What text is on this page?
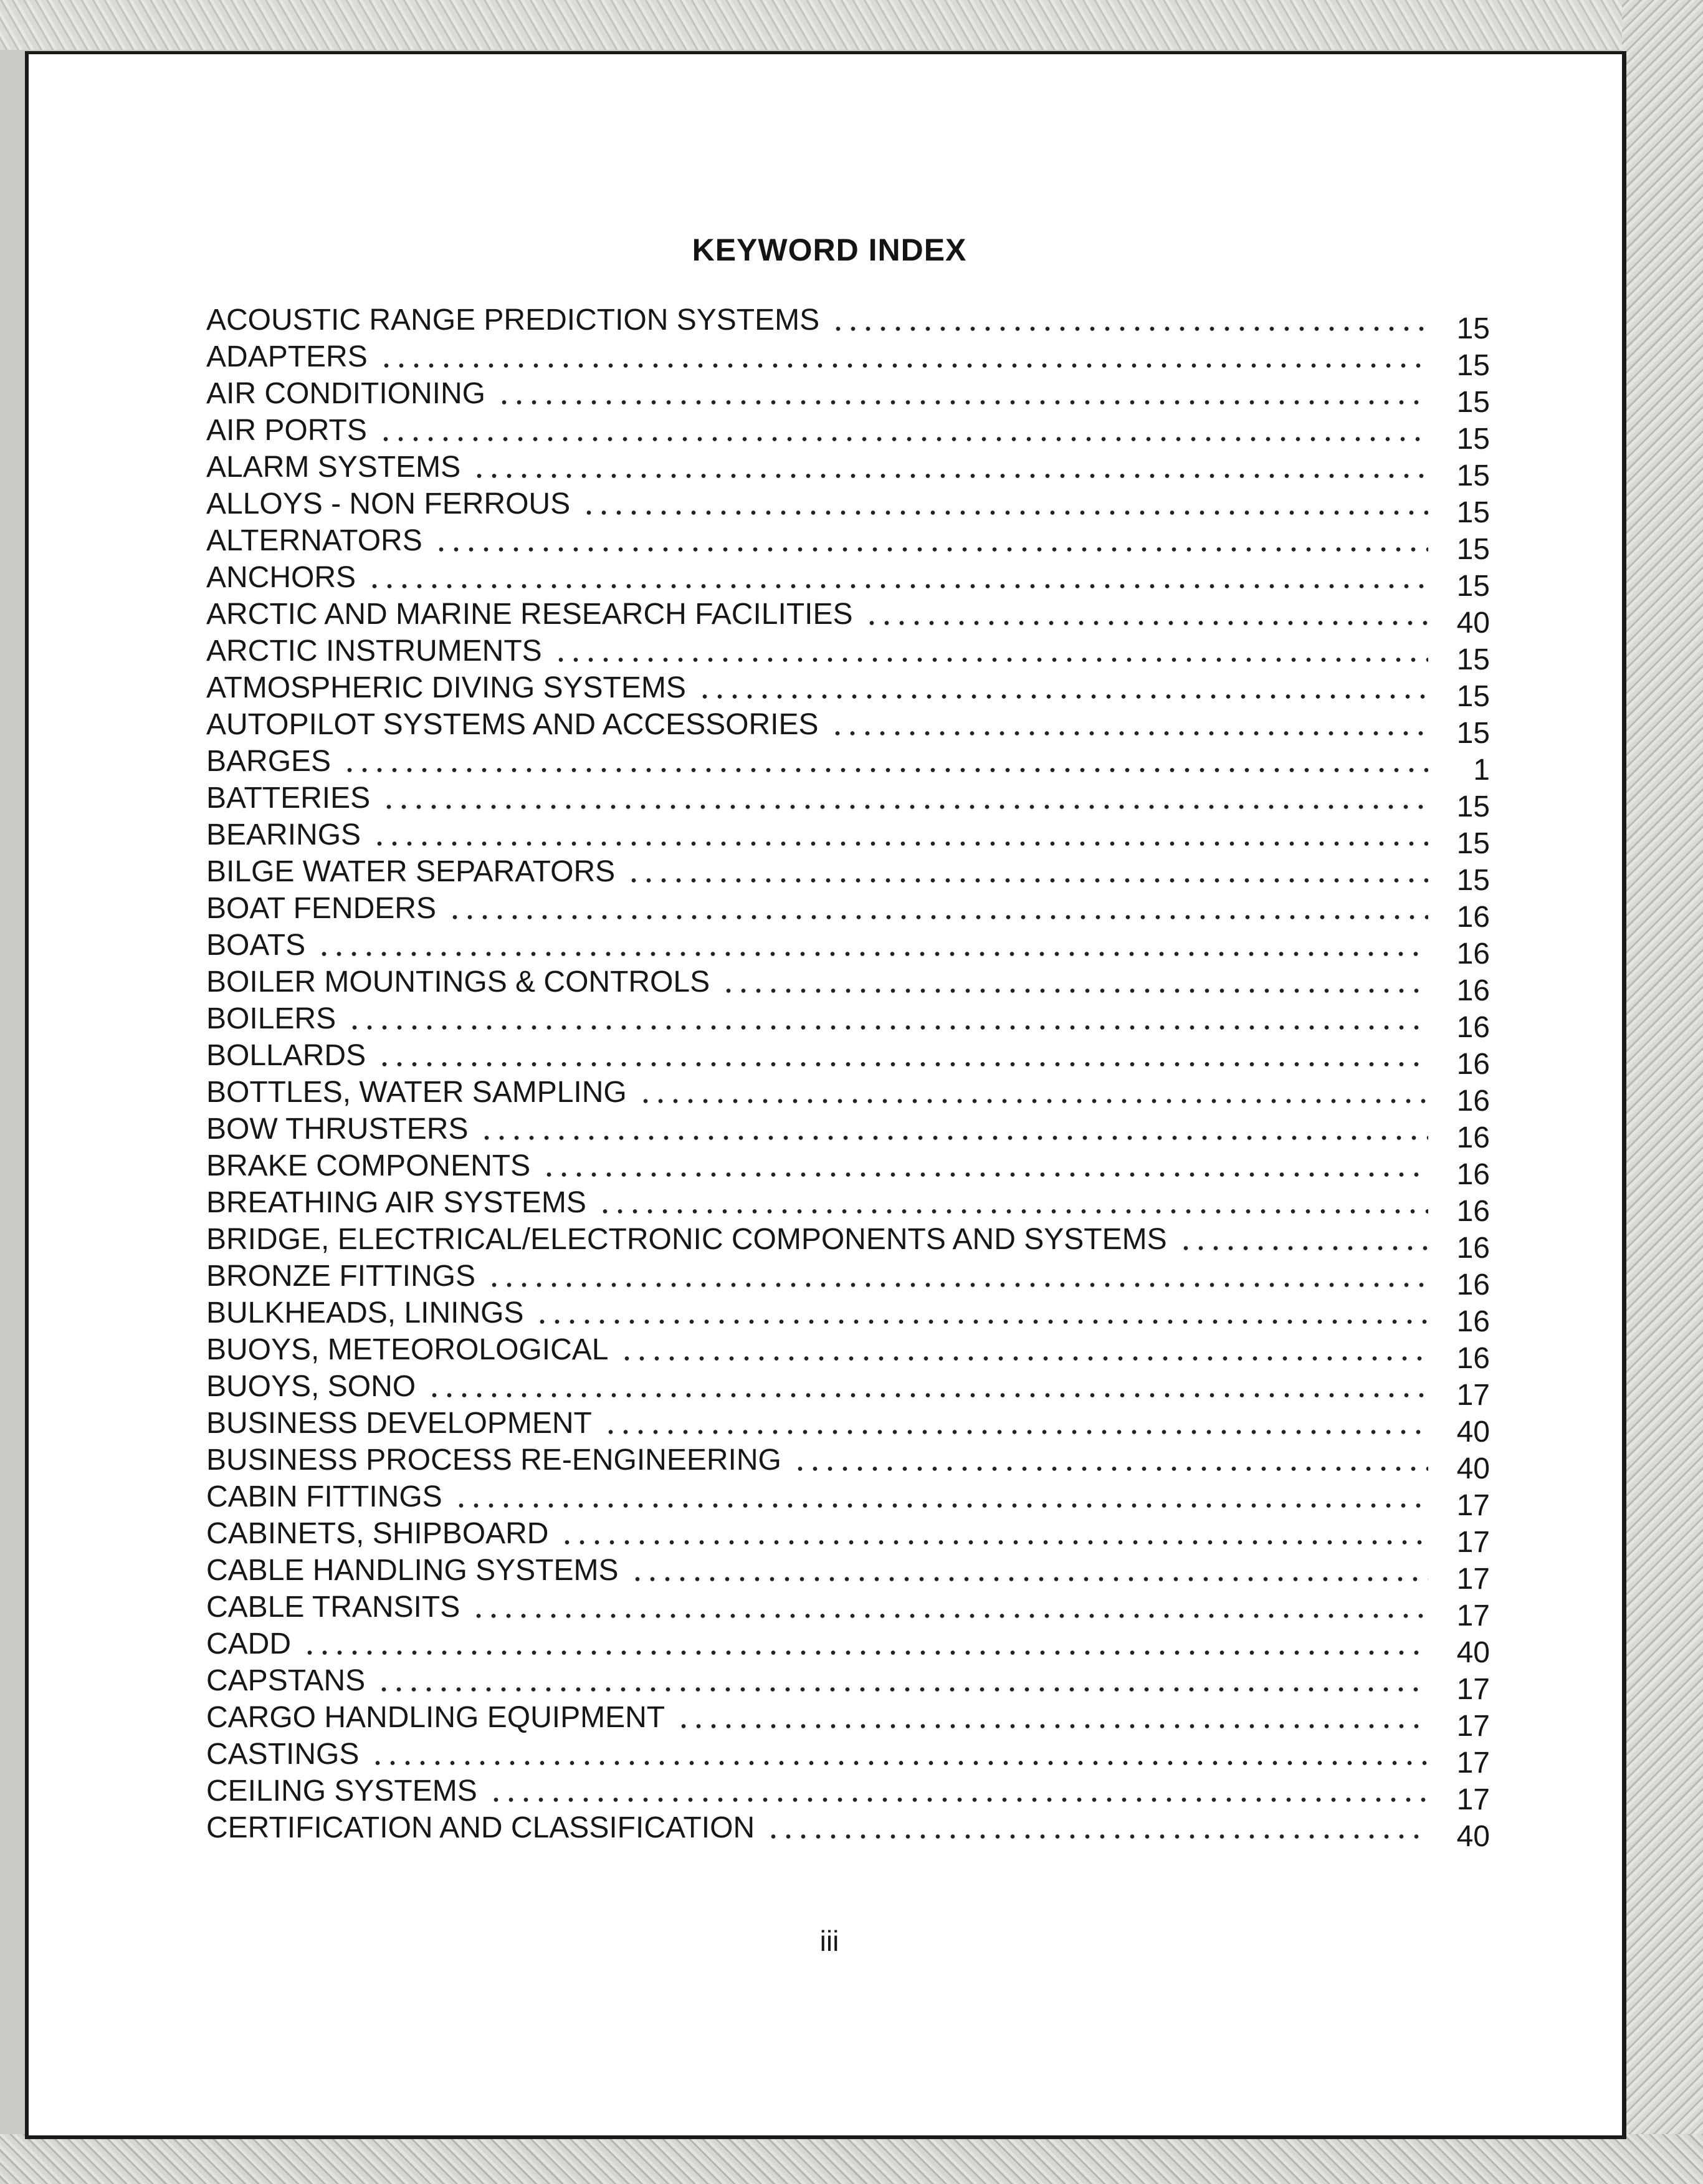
KEYWORD INDEX
ACOUSTIC RANGE PREDICTION SYSTEMS	15
ADAPTERS	15
AIR CONDITIONING	15
AIR PORTS	15
ALARM SYSTEMS	15
ALLOYS - NON FERROUS	15
ALTERNATORS	15
ANCHORS	15
ARCTIC AND MARINE RESEARCH FACILITIES	40
ARCTIC INSTRUMENTS	15
ATMOSPHERIC DIVING SYSTEMS	15
AUTOPILOT SYSTEMS AND ACCESSORIES	15
BARGES	1
BATTERIES	15
BEARINGS	15
BILGE WATER SEPARATORS	15
BOAT FENDERS	16
BOATS	16
BOILER MOUNTINGS & CONTROLS	16
BOILERS	16
BOLLARDS	16
BOTTLES, WATER SAMPLING	16
BOW THRUSTERS	16
BRAKE COMPONENTS	16
BREATHING AIR SYSTEMS	16
BRIDGE, ELECTRICAL/ELECTRONIC COMPONENTS AND SYSTEMS	16
BRONZE FITTINGS	16
BULKHEADS, LININGS	16
BUOYS, METEOROLOGICAL	16
BUOYS, SONO	17
BUSINESS DEVELOPMENT	40
BUSINESS PROCESS RE-ENGINEERING	40
CABIN FITTINGS	17
CABINETS, SHIPBOARD	17
CABLE HANDLING SYSTEMS	17
CABLE TRANSITS	17
CADD	40
CAPSTANS	17
CARGO HANDLING EQUIPMENT	17
CASTINGS	17
CEILING SYSTEMS	17
CERTIFICATION AND CLASSIFICATION	40
iii
